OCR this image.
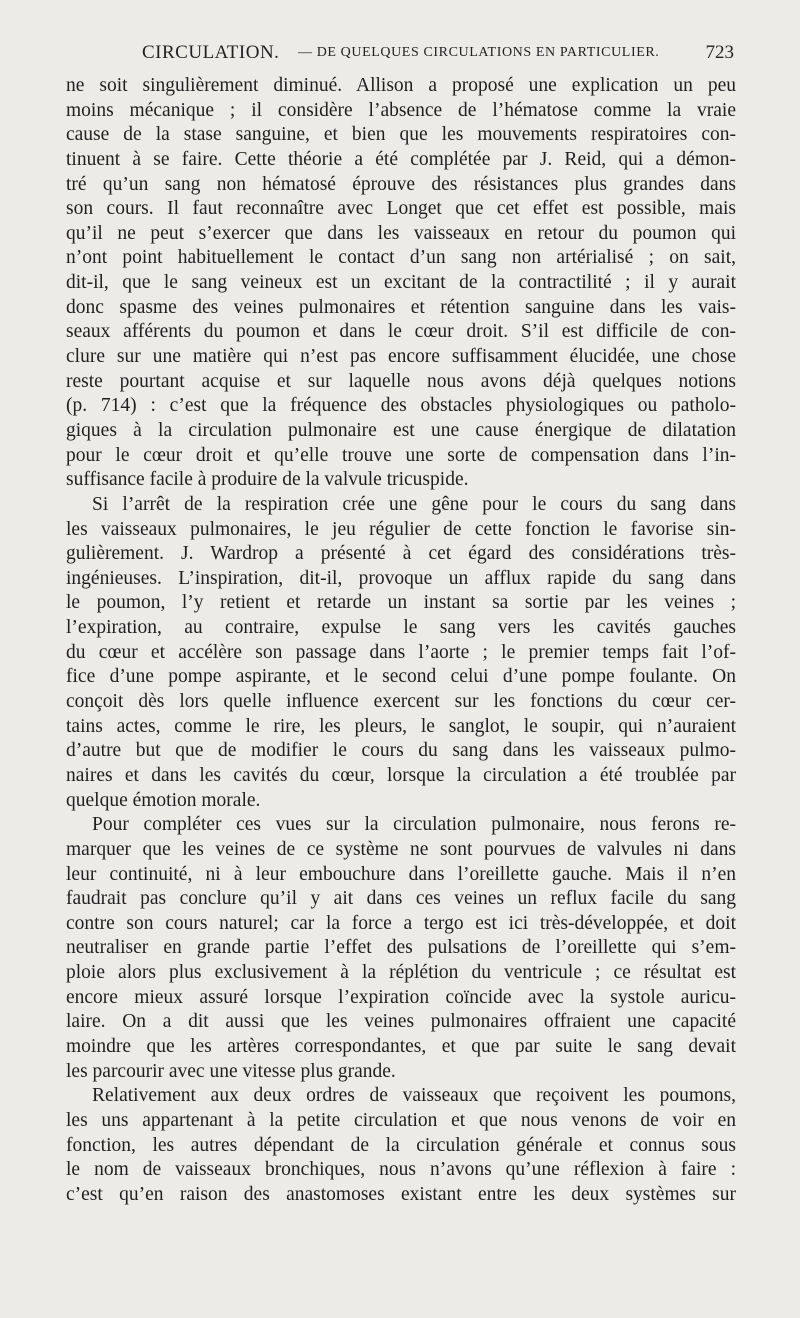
CIRCULATION. — DE QUELQUES CIRCULATIONS EN PARTICULIER. 723
ne soit singulièrement diminué. Allison a proposé une explication un peu
moins mécanique ; il considère l’absence de l’hématose comme la vraie
cause de la stase sanguine, et bien que les mouvements respiratoires con-
tinuent à se faire. Cette théorie a été complétée par J. Reid, qui a démon-
tré qu’un sang non hématosé éprouve des résistances plus grandes dans
son cours. Il faut reconnaître avec Longet que cet effet est possible, mais
qu’il ne peut s’exercer que dans les vaisseaux en retour du poumon qui
n’ont point habituellement le contact d’un sang non artérialisé ; on sait,
dit-il, que le sang veineux est un excitant de la contractilité ; il y aurait
donc spasme des veines pulmonaires et rétention sanguine dans les vais-
seaux afférents du poumon et dans le cœur droit. S’il est difficile de con-
clure sur une matière qui n’est pas encore suffisamment élucidée, une chose
reste pourtant acquise et sur laquelle nous avons déjà quelques notions
(p. 714) : c’est que la fréquence des obstacles physiologiques ou patholo-
giques à la circulation pulmonaire est une cause énergique de dilatation
pour le cœur droit et qu’elle trouve une sorte de compensation dans l’in-
suffisance facile à produire de la valvule tricuspide.
Si l’arrêt de la respiration crée une gêne pour le cours du sang dans
les vaisseaux pulmonaires, le jeu régulier de cette fonction le favorise sin-
gulièrement. J. Wardrop a présenté à cet égard des considérations très-
ingénieuses. L’inspiration, dit-il, provoque un afflux rapide du sang dans
le poumon, l’y retient et retarde un instant sa sortie par les veines ;
l’expiration, au contraire, expulse le sang vers les cavités gauches
du cœur et accélère son passage dans l’aorte ; le premier temps fait l’of-
fice d’une pompe aspirante, et le second celui d’une pompe foulante. On
conçoit dès lors quelle influence exercent sur les fonctions du cœur cer-
tains actes, comme le rire, les pleurs, le sanglot, le soupir, qui n’auraient
d’autre but que de modifier le cours du sang dans les vaisseaux pulmo-
naires et dans les cavités du cœur, lorsque la circulation a été troublée par
quelque émotion morale.
Pour compléter ces vues sur la circulation pulmonaire, nous ferons re-
marquer que les veines de ce système ne sont pourvues de valvules ni dans
leur continuité, ni à leur embouchure dans l’oreillette gauche. Mais il n’en
faudrait pas conclure qu’il y ait dans ces veines un reflux facile du sang
contre son cours naturel; car la force a tergo est ici très-développée, et doit
neutraliser en grande partie l’effet des pulsations de l’oreillette qui s’em-
ploie alors plus exclusivement à la réplétion du ventricule ; ce résultat est
encore mieux assuré lorsque l’expiration coïncide avec la systole auricu-
laire. On a dit aussi que les veines pulmonaires offraient une capacité
moindre que les artères correspondantes, et que par suite le sang devait
les parcourir avec une vitesse plus grande.
Relativement aux deux ordres de vaisseaux que reçoivent les poumons,
les uns appartenant à la petite circulation et que nous venons de voir en
fonction, les autres dépendant de la circulation générale et connus sous
le nom de vaisseaux bronchiques, nous n’avons qu’une réflexion à faire :
c’est qu’en raison des anastomoses existant entre les deux systèmes sur
